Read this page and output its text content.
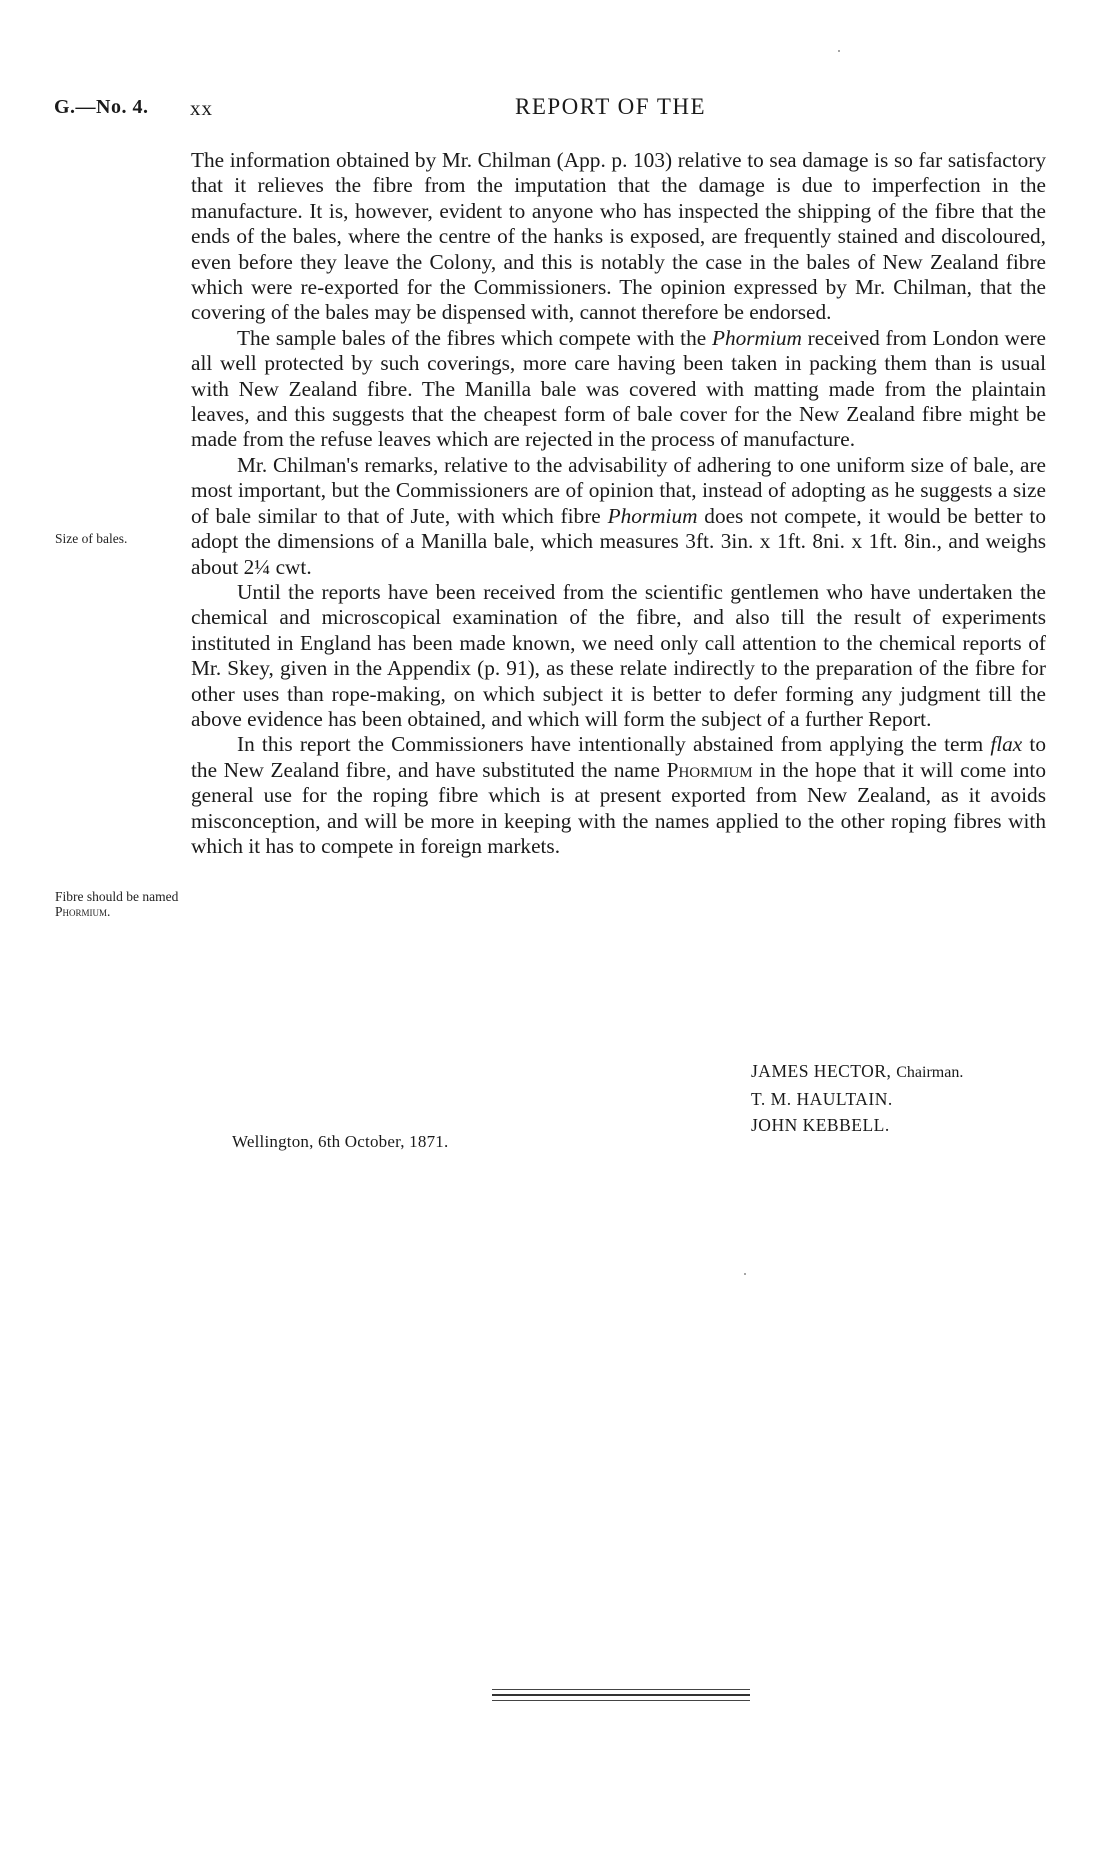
G.—No. 4. xx	REPORT OF THE
Size of bales.
Fibre should be named
Phormium.

The information obtained by Mr. Chilman (App. p. 103) relative to sea damage is so far satisfactory that it relieves the fibre from the imputation that the damage is due to imperfection in the manufacture. It is, however, evident to anyone who has inspected the shipping of the fibre that the ends of the bales, where the centre of the hanks is exposed, are frequently stained and discoloured, even before they leave the Colony, and this is notably the case in the bales of New Zealand fibre which were re-exported for the Commissioners. The opinion expressed by Mr. Chilman, that the covering of the bales may be dispensed with, cannot therefore be endorsed.

The sample bales of the fibres which compete with the Phormium received from London were all well protected by such coverings, more care having been taken in packing them than is usual with New Zealand fibre. The Manilla bale was covered with matting made from the plaintain leaves, and this suggests that the cheapest form of bale cover for the New Zealand fibre might be made from the refuse leaves which are rejected in the process of manufacture.

Mr. Chilman's remarks, relative to the advisability of adhering to one uniform size of bale, are most important, but the Commissioners are of opinion that, instead of adopting as he suggests a size of bale similar to that of Jute, with which fibre Phormium does not compete, it would be better to adopt the dimensions of a Manilla bale, which measures 3ft. 3in. x 1ft. 8ni. x 1ft. 8in., and weighs about 2¼ cwt.

Until the reports have been received from the scientific gentlemen who have undertaken the chemical and microscopical examination of the fibre, and also till the result of experiments instituted in England has been made known, we need only call attention to the chemical reports of Mr. Skey, given in the Appendix (p. 91), as these relate indirectly to the preparation of the fibre for other uses than rope-making, on which subject it is better to defer forming any judgment till the above evidence has been obtained, and which will form the subject of a further Report.

In this report the Commissioners have intentionally abstained from applying the term flax to the New Zealand fibre, and have substituted the name Phormium in the hope that it will come into general use for the roping fibre which is at present exported from New Zealand, as it avoids misconception, and will be more in keeping with the names applied to the other roping fibres with which it has to compete in foreign markets.

JAMES HECTOR, Chairman.
T. M. HAULTAIN.
JOHN KEBBELL.
Wellington, 6th October, 1871.
